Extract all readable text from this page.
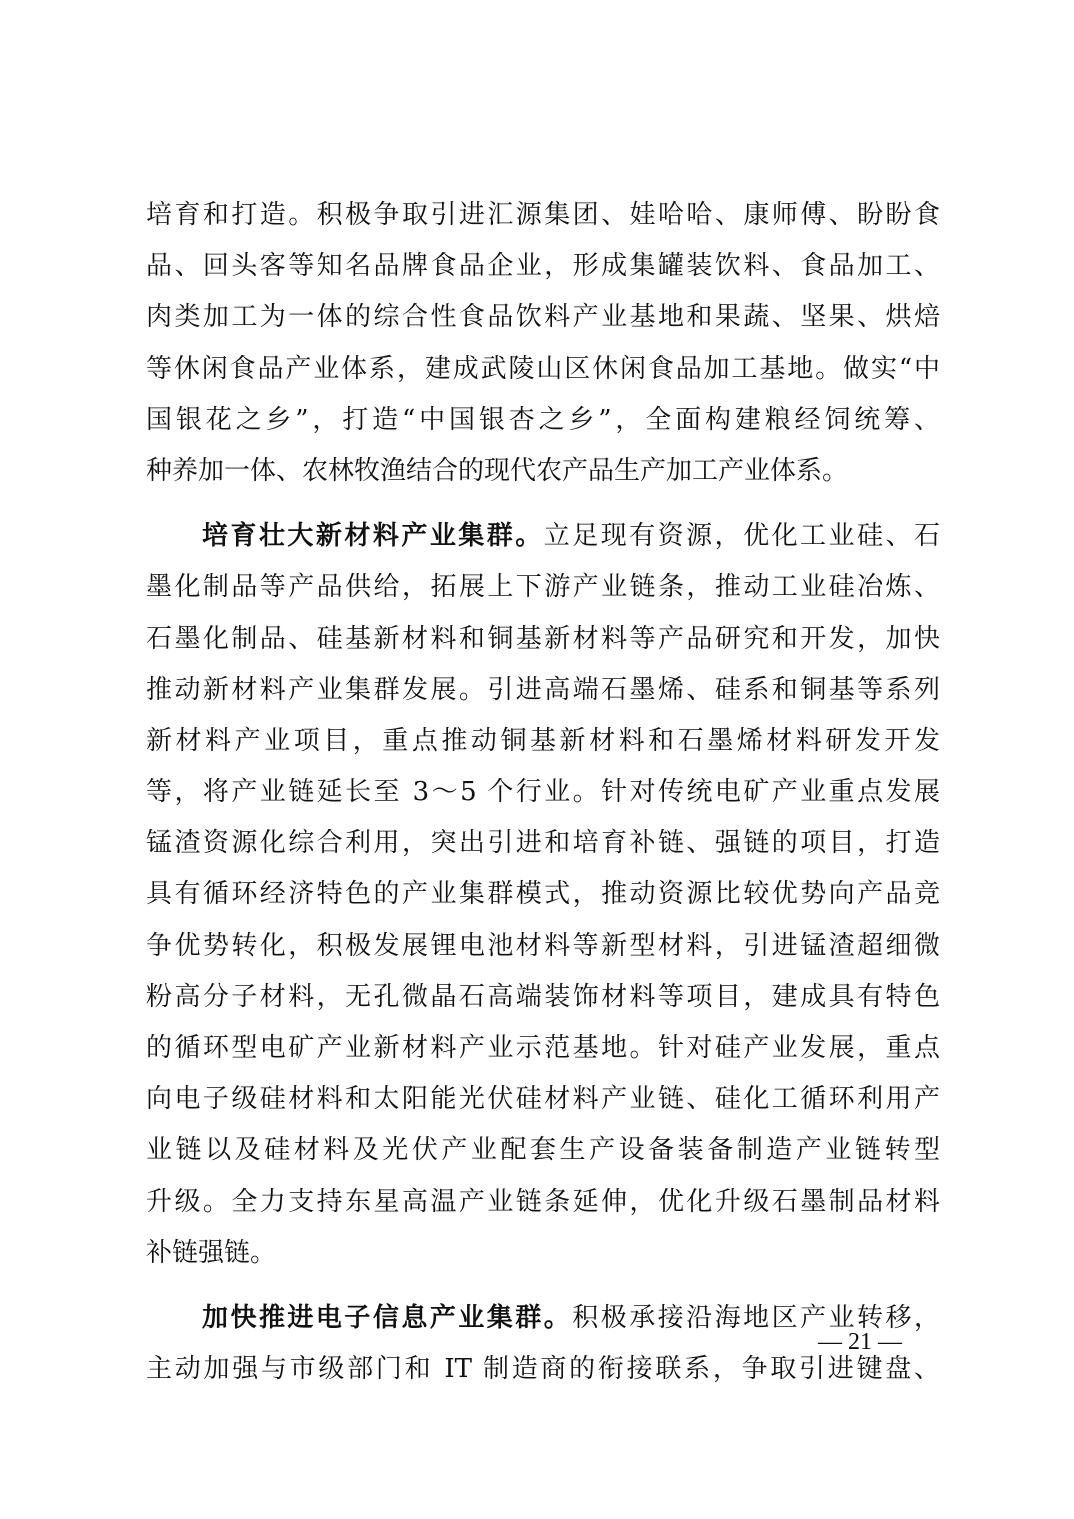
培育和打造。积极争取引进汇源集团、娃哈哈、康师傅、盼盼食
品、回头客等知名品牌食品企业，形成集罐装饮料、食品加工、
肉类加工为一体的综合性食品饮料产业基地和果蔬、坚果、烘焙
等休闲食品产业体系，建成武陵山区休闲食品加工基地。做实“中
国银花之乡”，打造“中国银杏之乡”，全面构建粮经饲统筹、
种养加一体、农林牧渔结合的现代农产品生产加工产业体系。
培育壮大新材料产业集群。立足现有资源，优化工业硅、石
墨化制品等产品供给，拓展上下游产业链条，推动工业硅冶炼、
石墨化制品、硅基新材料和铜基新材料等产品研究和开发，加快
推动新材料产业集群发展。引进高端石墨烯、硅系和铜基等系列
新材料产业项目，重点推动铜基新材料和石墨烯材料研发开发
等，将产业链延长至 3～5 个行业。针对传统电矿产业重点发展
锰渣资源化综合利用，突出引进和培育补链、强链的项目，打造
具有循环经济特色的产业集群模式，推动资源比较优势向产品竞
争优势转化，积极发展锂电池材料等新型材料，引进锰渣超细微
粉高分子材料，无孔微晶石高端装饰材料等项目，建成具有特色
的循环型电矿产业新材料产业示范基地。针对硅产业发展，重点
向电子级硅材料和太阳能光伏硅材料产业链、硅化工循环利用产
业链以及硅材料及光伏产业配套生产设备装备制造产业链转型
升级。全力支持东星高温产业链条延伸，优化升级石墨制品材料
补链强链。
加快推进电子信息产业集群。积极承接沿海地区产业转移，
主动加强与市级部门和 IT 制造商的衔接联系，争取引进键盘、
— 21 —
